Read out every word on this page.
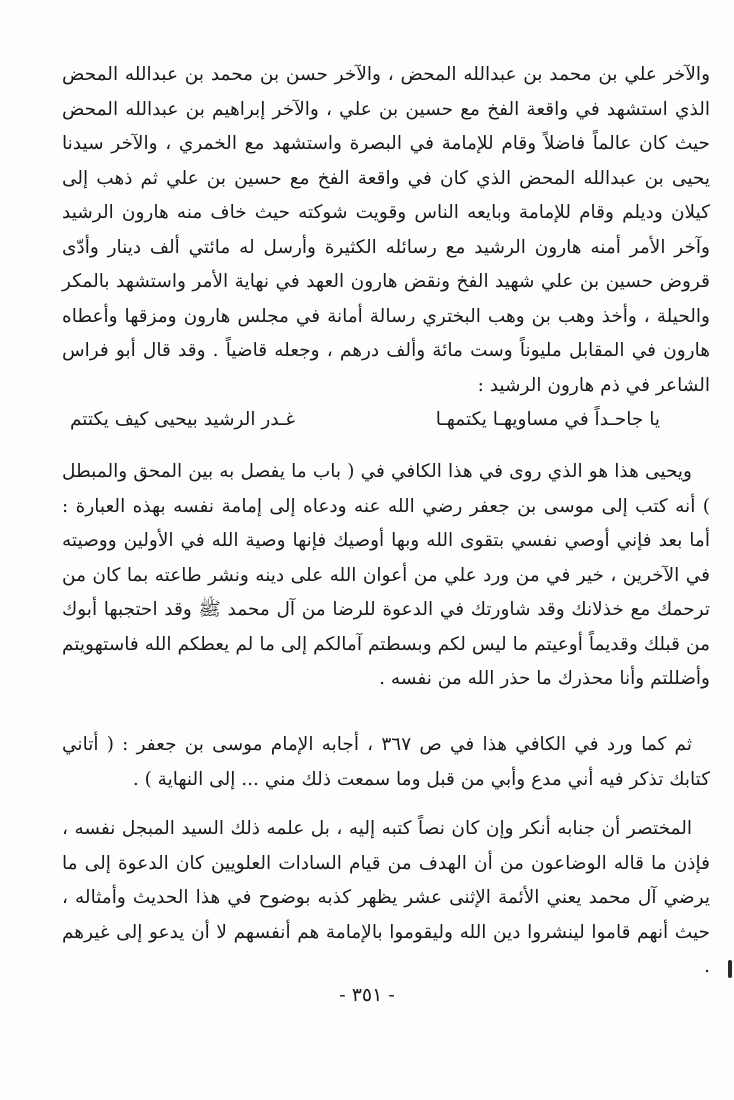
والآخر علي بن محمد بن عبدالله المحض ، والآخر حسن بن محمد بن عبدالله المحض الذي استشهد في واقعة الفخ مع حسين بن علي ، والآخر إبراهيم بن عبدالله المحض حيث كان عالماً فاضلاً وقام للإمامة في البصرة واستشهد مع الخمري ، والآخر سيدنا يحيى بن عبدالله المحض الذي كان في واقعة الفخ مع حسين بن علي ثم ذهب إلى كيلان وديلم وقام للإمامة وبايعه الناس وقويت شوكته حيث خاف منه هارون الرشيد وآخر الأمر أمنه هارون الرشيد مع رسائله الكثيرة وأرسل له مائتي ألف دينار وأدّى قروض حسين بن علي شهيد الفخ ونقض هارون العهد في نهاية الأمر واستشهد بالمكر والحيلة ، وأخذ وهب بن وهب البختري رسالة أمانة في مجلس هارون ومزقها وأعطاه هارون في المقابل مليوناً وست مائة وألف درهم ، وجعله قاضياً . وقد قال أبو فراس الشاعر في ذم هارون الرشيد :
يا جاحـداً في مساويهـا يكتمهـا
غـدر الرشيد بيحيى كيف يكتتم
ويحيى هذا هو الذي روى في هذا الكافي في ( باب ما يفصل به بين المحق والمبطل ) أنه كتب إلى موسى بن جعفر رضي الله عنه ودعاه إلى إمامة نفسه بهذه العبارة : أما بعد فإني أوصي نفسي بتقوى الله وبها أوصيك فإنها وصية الله في الأولين ووصيته في الآخرين ، خير في من ورد علي من أعوان الله على دينه ونشر طاعته بما كان من ترحمك مع خذلانك وقد شاورتك في الدعوة للرضا من آل محمد ﷺ وقد احتجبها أبوك من قبلك وقديماً أوعيتم ما ليس لكم وبسطتم آمالكم إلى ما لم يعطكم الله فاستهويتم وأضللتم وأنا محذرك ما حذر الله من نفسه .
ثم كما ورد في الكافي هذا في ص ٣٦٧ ، أجابه الإمام موسى بن جعفر : ( أتاني كتابك تذكر فيه أني مدع وأبي من قبل وما سمعت ذلك مني ... إلى النهاية ) .
المختصر أن جنابه أنكر وإن كان نصاً كتبه إليه ، بل علمه ذلك السيد المبجل نفسه ، فإذن ما قاله الوضاعون من أن الهدف من قيام السادات العلويين كان الدعوة إلى ما يرضي آل محمد يعني الأئمة الإثنى عشر يظهر كذبه بوضوح في هذا الحديث وأمثاله ، حيث أنهم قاموا لينشروا دين الله وليقوموا بالإمامة هم أنفسهم لا أن يدعو إلى غيرهم .
- ٣٥١ -
